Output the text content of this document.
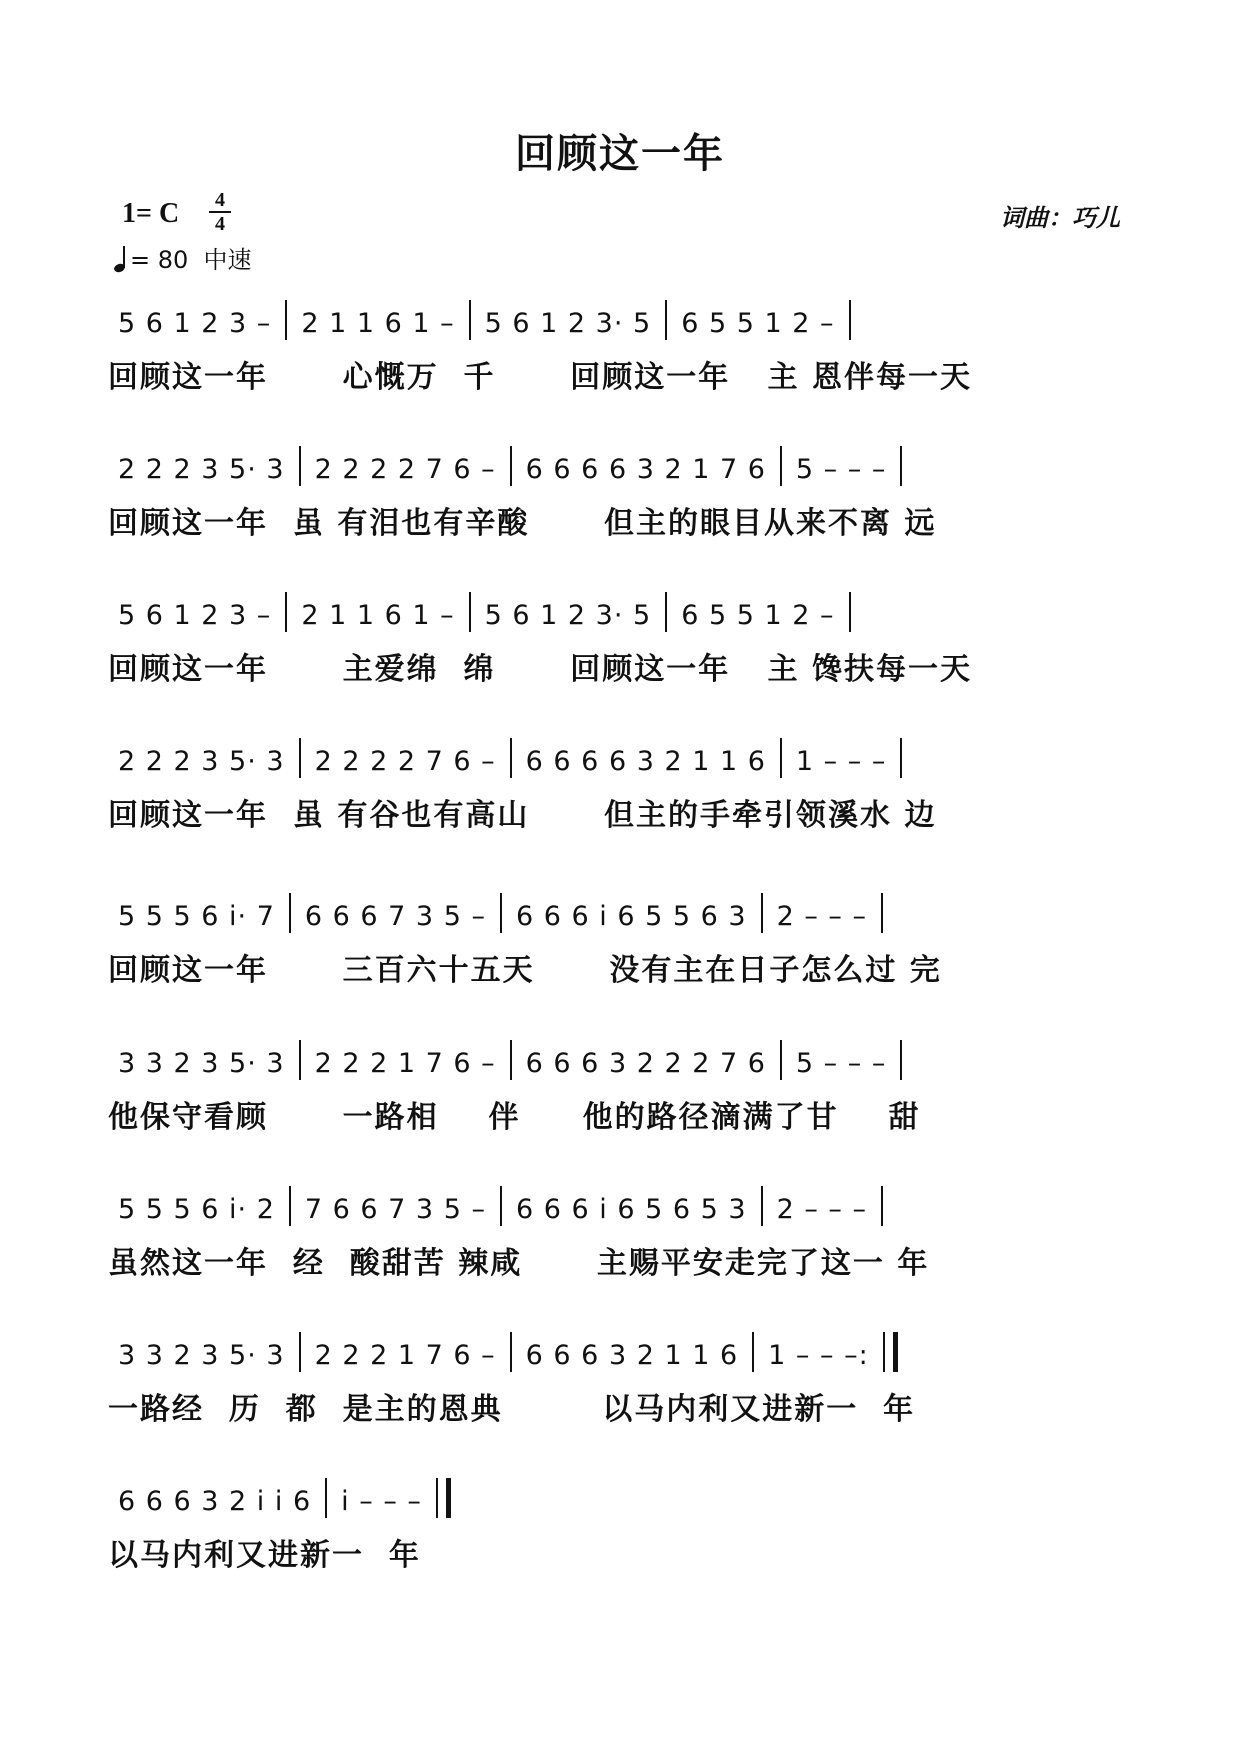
回顾这一年
1= C	4
4
= 80 中速
词曲：巧儿
5 6 1 2 3 – 2 1 1 6 1 – 5 6 1 2 3· 5 6 5 5 1 2 –
回顾这一年      心慨万  千      回顾这一年   主 恩伴每一天
2 2 2 3 5· 3 2 2 2 2 7 6 – 6 6 6 6 3 2 1 7 6 5 – – –
回顾这一年  虽 有泪也有辛酸      但主的眼目从来不离 远
5 6 1 2 3 – 2 1 1 6 1 – 5 6 1 2 3· 5 6 5 5 1 2 –
回顾这一年      主爱绵  绵      回顾这一年   主 馋扶每一天
2 2 2 3 5· 3 2 2 2 2 7 6 – 6 6 6 6 3 2 1 1 6 1 – – –
回顾这一年  虽 有谷也有高山      但主的手牵引领溪水 边
5 5 5 6 i· 7 6 6 6 7 3 5 – 6 6 6 i 6 5 5 6 3 2 – – –
回顾这一年      三百六十五天      没有主在日子怎么过 完
3 3 2 3 5· 3 2 2 2 1 7 6 – 6 6 6 3 2 2 2 7 6 5 – – –
他保守看顾      一路相    伴     他的路径滴满了甘    甜
5 5 5 6 i· 2 7 6 6 7 3 5 – 6 6 6 i 6 5 6 5 3 2 – – –
虽然这一年  经  酸甜苦 辣咸      主赐平安走完了这一 年
3 3 2 3 5· 3 2 2 2 1 7 6 – 6 6 6 3 2 1 1 6 1 – – –:
一路经  历  都  是主的恩典        以马内利又进新一  年
6 6 6 3 2 i i 6 i – – –
以马内利又进新一  年
